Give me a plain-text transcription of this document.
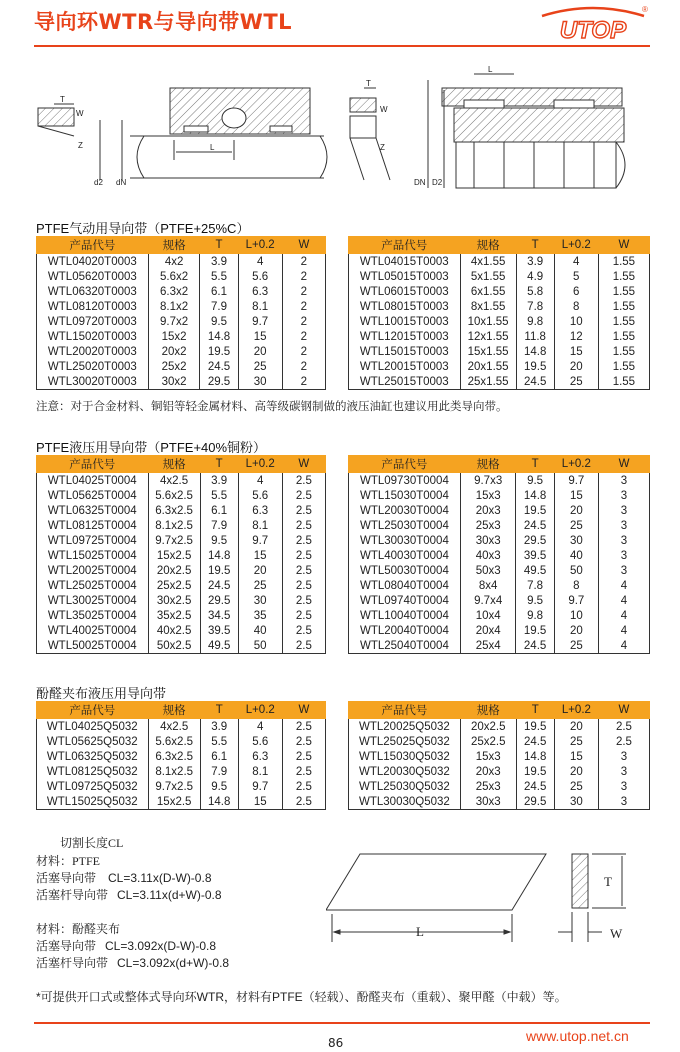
导向环WTR与导向带WTL	UTOP
®
T
W
Z	L
d2 dN
T
W
Z
L
DN D2
PTFE气动用导向带（PTFE+25%C）
产品代号	规格	T	L+0.2	W
WTL04020T0003	4x2	3.9	4	2
WTL05620T0003	5.6x2	5.5	5.6	2
WTL06320T0003	6.3x2	6.1	6.3	2
WTL08120T0003	8.1x2	7.9	8.1	2
WTL09720T0003	9.7x2	9.5	9.7	2
WTL15020T0003	15x2	14.8	15	2
WTL20020T0003	20x2	19.5	20	2
WTL25020T0003	25x2	24.5	25	2
WTL30020T0003	30x2	29.5	30	2
产品代号	规格	T	L+0.2	W
WTL04015T0003	4x1.55	3.9	4	1.55
WTL05015T0003	5x1.55	4.9	5	1.55
WTL06015T0003	6x1.55	5.8	6	1.55
WTL08015T0003	8x1.55	7.8	8	1.55
WTL10015T0003	10x1.55	9.8	10	1.55
WTL12015T0003	12x1.55	11.8	12	1.55
WTL15015T0003	15x1.55	14.8	15	1.55
WTL20015T0003	20x1.55	19.5	20	1.55
WTL25015T0003	25x1.55	24.5	25	1.55
注意：对于合金材料、铜铝等轻金属材料、高等级碳钢制做的液压油缸也建议用此类导向带。
PTFE液压用导向带（PTFE+40%铜粉）
产品代号	规格	T	L+0.2	W
WTL04025T0004	4x2.5	3.9	4	2.5
WTL05625T0004	5.6x2.5	5.5	5.6	2.5
WTL06325T0004	6.3x2.5	6.1	6.3	2.5
WTL08125T0004	8.1x2.5	7.9	8.1	2.5
WTL09725T0004	9.7x2.5	9.5	9.7	2.5
WTL15025T0004	15x2.5	14.8	15	2.5
WTL20025T0004	20x2.5	19.5	20	2.5
WTL25025T0004	25x2.5	24.5	25	2.5
WTL30025T0004	30x2.5	29.5	30	2.5
WTL35025T0004	35x2.5	34.5	35	2.5
WTL40025T0004	40x2.5	39.5	40	2.5
WTL50025T0004	50x2.5	49.5	50	2.5
产品代号	规格	T	L+0.2	W
WTL09730T0004	9.7x3	9.5	9.7	3
WTL15030T0004	15x3	14.8	15	3
WTL20030T0004	20x3	19.5	20	3
WTL25030T0004	25x3	24.5	25	3
WTL30030T0004	30x3	29.5	30	3
WTL40030T0004	40x3	39.5	40	3
WTL50030T0004	50x3	49.5	50	3
WTL08040T0004	8x4	7.8	8	4
WTL09740T0004	9.7x4	9.5	9.7	4
WTL10040T0004	10x4	9.8	10	4
WTL20040T0004	20x4	19.5	20	4
WTL25040T0004	25x4	24.5	25	4
酚醛夹布液压用导向带
产品代号	规格	T	L+0.2	W
WTL04025Q5032	4x2.5	3.9	4	2.5
WTL05625Q5032	5.6x2.5	5.5	5.6	2.5
WTL06325Q5032	6.3x2.5	6.1	6.3	2.5
WTL08125Q5032	8.1x2.5	7.9	8.1	2.5
WTL09725Q5032	9.7x2.5	9.5	9.7	2.5
WTL15025Q5032	15x2.5	14.8	15	2.5
产品代号	规格	T	L+0.2	W
WTL20025Q5032	20x2.5	19.5	20	2.5
WTL25025Q5032	25x2.5	24.5	25	2.5
WTL15030Q5032	15x3	14.8	15	3
WTL20030Q5032	20x3	19.5	20	3
WTL25030Q5032	25x3	24.5	25	3
WTL30030Q5032	30x3	29.5	30	3
切割长度CL
材料：PTFE
活塞导向带 CL=3.11x(D-W)-0.8
活塞杆导向带 CL=3.11x(d+W)-0.8
材料：酚醛夹布
活塞导向带 CL=3.092x(D-W)-0.8
活塞杆导向带 CL=3.092x(d+W)-0.8
L
T
W
*可提供开口式或整体式导向环WTR，材料有PTFE（轻载）、酚醛夹布（重载）、聚甲醛（中载）等。
86	www.utop.net.cn
